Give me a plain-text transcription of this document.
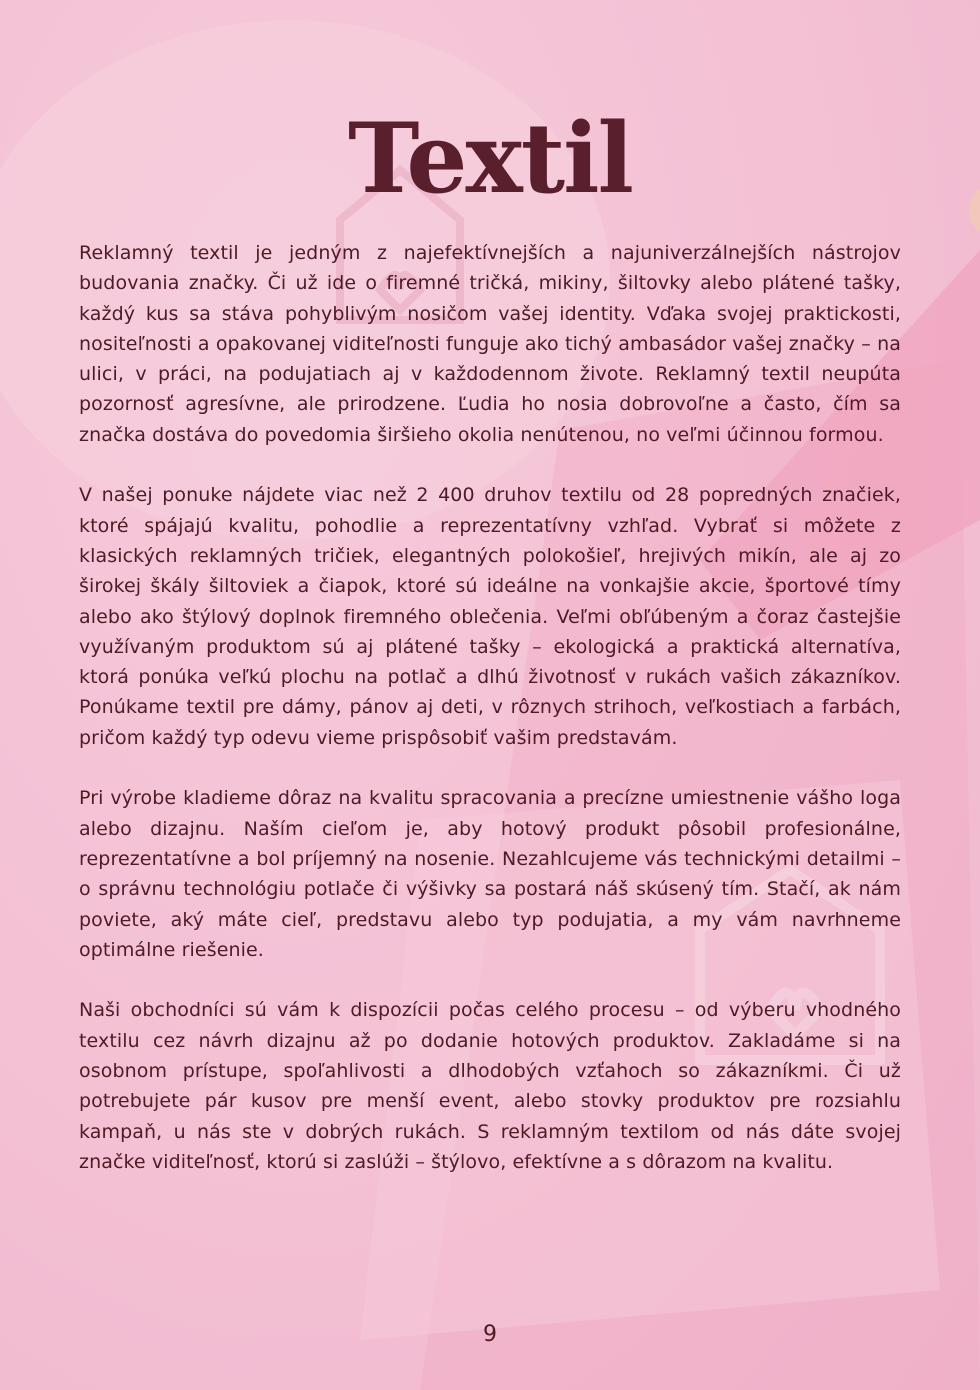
Textil

Reklamný textil je jedným z najefektívnejších a najuniverzálnejších nástrojov budovania značky. Či už ide o firemné tričká, mikiny, šiltovky alebo plátené tašky, každý kus sa stáva pohyblivým nosičom vašej identity. Vďaka svojej praktickosti, nositeľnosti a opakovanej viditeľnosti funguje ako tichý ambasádor vašej značky – na ulici, v práci, na podujatiach aj v každodennom živote. Reklamný textil neupúta pozornosť agresívne, ale prirodzene. Ľudia ho nosia dobrovoľne a často, čím sa značka dostáva do povedomia širšieho okolia nenútenou, no veľmi účinnou formou.

V našej ponuke nájdete viac než 2 400 druhov textilu od 28 popredných značiek, ktoré spájajú kvalitu, pohodlie a reprezentatívny vzhľad. Vybrať si môžete z klasických reklamných tričiek, elegantných polokošieľ, hrejivých mikín, ale aj zo širokej škály šiltoviek a čiapok, ktoré sú ideálne na vonkajšie akcie, športové tímy alebo ako štýlový doplnok firemného oblečenia. Veľmi obľúbeným a čoraz častejšie využívaným produktom sú aj plátené tašky – ekologická a praktická alternatíva, ktorá ponúka veľkú plochu na potlač a dlhú životnosť v rukách vašich zákazníkov. Ponúkame textil pre dámy, pánov aj deti, v rôznych strihoch, veľkostiach a farbách, pričom každý typ odevu vieme prispôsobiť vašim predstavám.

Pri výrobe kladieme dôraz na kvalitu spracovania a precízne umiestnenie vášho loga alebo dizajnu. Naším cieľom je, aby hotový produkt pôsobil profesionálne, reprezentatívne a bol príjemný na nosenie. Nezahlcujeme vás technickými detailmi – o správnu technológiu potlače či výšivky sa postará náš skúsený tím. Stačí, ak nám poviete, aký máte cieľ, predstavu alebo typ podujatia, a my vám navrhneme optimálne riešenie.

Naši obchodníci sú vám k dispozícii počas celého procesu – od výberu vhodného textilu cez návrh dizajnu až po dodanie hotových produktov. Zakladáme si na osobnom prístupe, spoľahlivosti a dlhodobých vzťahoch so zákazníkmi. Či už potrebujete pár kusov pre menší event, alebo stovky produktov pre rozsiahlu kampaň, u nás ste v dobrých rukách. S reklamným textilom od nás dáte svojej značke viditeľnosť, ktorú si zaslúži – štýlovo, efektívne a s dôrazom na kvalitu.

9
